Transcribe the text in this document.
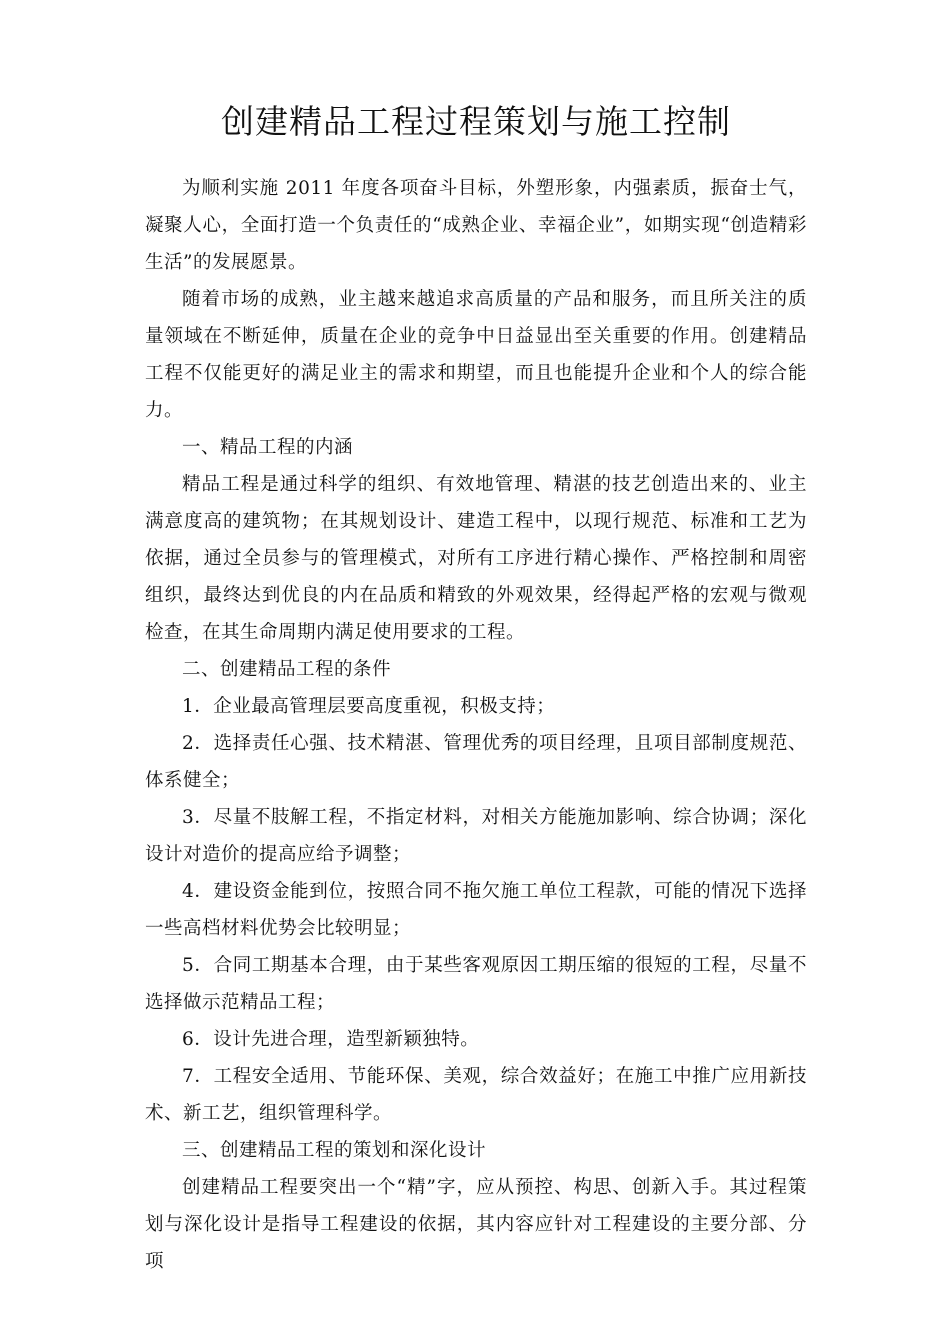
创建精品工程过程策划与施工控制

为顺利实施 2011 年度各项奋斗目标，外塑形象，内强素质，振奋士气，凝聚人心，全面打造一个负责任的“成熟企业、幸福企业”，如期实现“创造精彩生活”的发展愿景。

随着市场的成熟，业主越来越追求高质量的产品和服务，而且所关注的质量领域在不断延伸，质量在企业的竞争中日益显出至关重要的作用。创建精品工程不仅能更好的满足业主的需求和期望，而且也能提升企业和个人的综合能力。

一、精品工程的内涵

精品工程是通过科学的组织、有效地管理、精湛的技艺创造出来的、业主满意度高的建筑物；在其规划设计、建造工程中，以现行规范、标准和工艺为依据，通过全员参与的管理模式，对所有工序进行精心操作、严格控制和周密组织，最终达到优良的内在品质和精致的外观效果，经得起严格的宏观与微观检查，在其生命周期内满足使用要求的工程。

二、创建精品工程的条件

1．企业最高管理层要高度重视，积极支持；

2．选择责任心强、技术精湛、管理优秀的项目经理，且项目部制度规范、体系健全；

3．尽量不肢解工程，不指定材料，对相关方能施加影响、综合协调；深化设计对造价的提高应给予调整；

4．建设资金能到位，按照合同不拖欠施工单位工程款，可能的情况下选择一些高档材料优势会比较明显；

5．合同工期基本合理，由于某些客观原因工期压缩的很短的工程，尽量不选择做示范精品工程；

6．设计先进合理，造型新颖独特。

7．工程安全适用、节能环保、美观，综合效益好；在施工中推广应用新技术、新工艺，组织管理科学。

三、创建精品工程的策划和深化设计

创建精品工程要突出一个“精”字，应从预控、构思、创新入手。其过程策划与深化设计是指导工程建设的依据，其内容应针对工程建设的主要分部、分项
